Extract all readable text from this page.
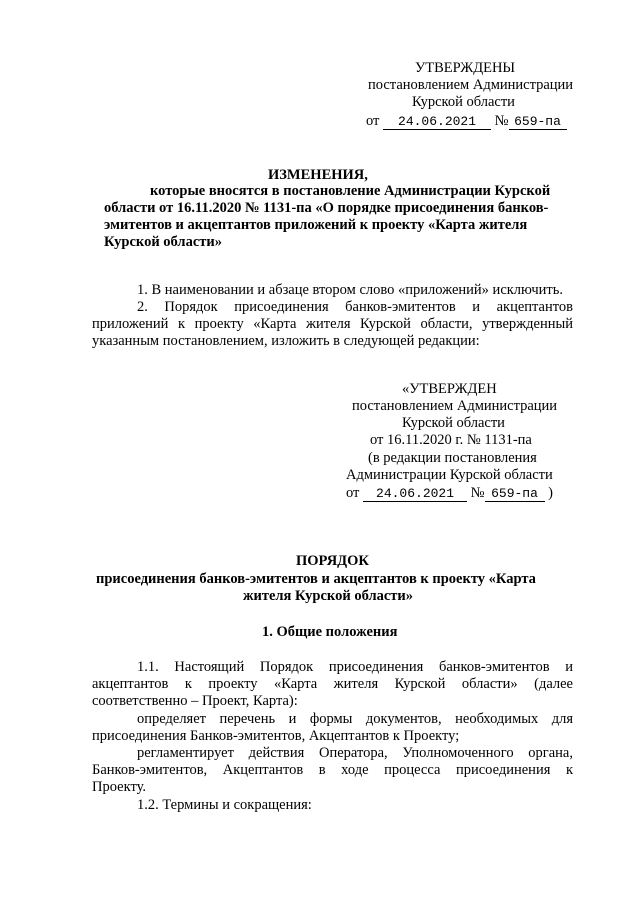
УТВЕРЖДЕНЫ
постановлением Администрации
Курской области
от 24.06.2021 № 659-па
ИЗМЕНЕНИЯ,
которые вносятся в постановление Администрации Курской
области от 16.11.2020 № 1131-па «О порядке присоединения банков-
эмитентов и акцептантов приложений к проекту «Карта жителя
Курской области»
1. В наименовании и абзаце втором слово «приложений» исключить.
2. Порядок присоединения банков-эмитентов и акцептантов
приложений к проекту «Карта жителя Курской области, утвержденный
указанным постановлением, изложить в следующей редакции:
«УТВЕРЖДЕН
постановлением Администрации
Курской области
от 16.11.2020 г. № 1131-па
(в редакции постановления
Администрации Курской области
от 24.06.2021 № 659-па )
ПОРЯДОК
присоединения банков-эмитентов и акцептантов к проекту «Карта
жителя Курской области»
1. Общие положения
1.1. Настоящий Порядок присоединения банков-эмитентов и
акцептантов к проекту «Карта жителя Курской области» (далее
соответственно – Проект, Карта):
определяет перечень и формы документов, необходимых для
присоединения Банков-эмитентов, Акцептантов к Проекту;
регламентирует действия Оператора, Уполномоченного органа,
Банков-эмитентов, Акцептантов в ходе процесса присоединения к
Проекту.
1.2. Термины и сокращения:
